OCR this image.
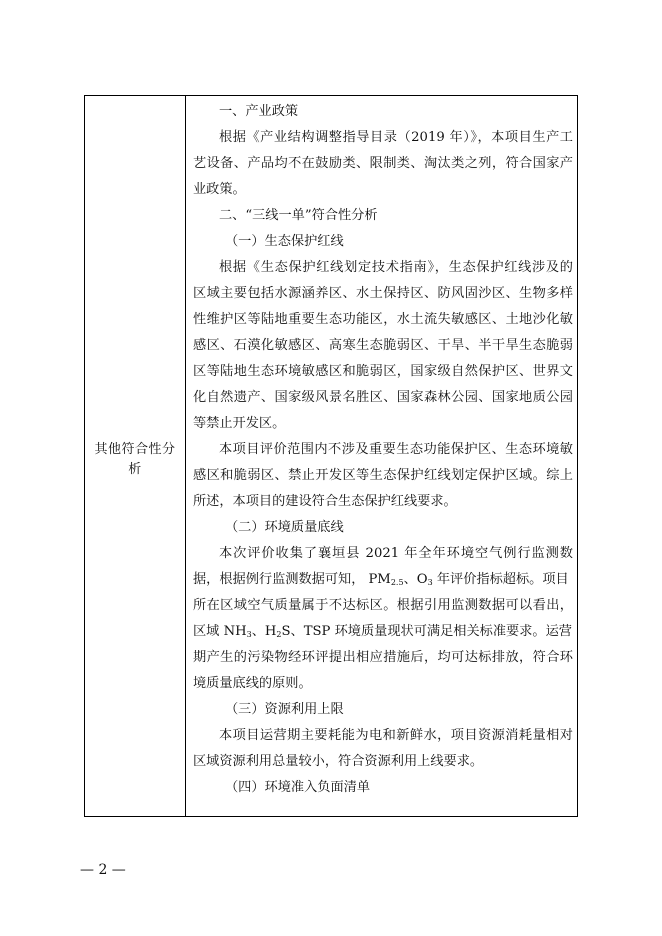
其他符合性分析
一、产业政策
根据《产业结构调整指导目录（2019 年）》，本项目生产工
艺设备、产品均不在鼓励类、限制类、淘汰类之列，符合国家产
业政策。
二、“三线一单”符合性分析
（一）生态保护红线
根据《生态保护红线划定技术指南》，生态保护红线涉及的
区域主要包括水源涵养区、水土保持区、防风固沙区、生物多样
性维护区等陆地重要生态功能区，水土流失敏感区、土地沙化敏
感区、石漠化敏感区、高寒生态脆弱区、干旱、半干旱生态脆弱
区等陆地生态环境敏感区和脆弱区，国家级自然保护区、世界文
化自然遗产、国家级风景名胜区、国家森林公园、国家地质公园
等禁止开发区。
本项目评价范围内不涉及重要生态功能保护区、生态环境敏
感区和脆弱区、禁止开发区等生态保护红线划定保护区域。综上
所述，本项目的建设符合生态保护红线要求。
（二）环境质量底线
本次评价收集了襄垣县 2021 年全年环境空气例行监测数
据，根据例行监测数据可知， $PM_{2.5}$、$O_3$ 年评价指标超标。项目
所在区域空气质量属于不达标区。根据引用监测数据可以看出，
区域 $NH_3$、$H_2S$、TSP 环境质量现状可满足相关标准要求。运营
期产生的污染物经环评提出相应措施后，均可达标排放，符合环
境质量底线的原则。
（三）资源利用上限
本项目运营期主要耗能为电和新鲜水，项目资源消耗量相对
区域资源利用总量较小，符合资源利用上线要求。
（四）环境准入负面清单
— 2 —
